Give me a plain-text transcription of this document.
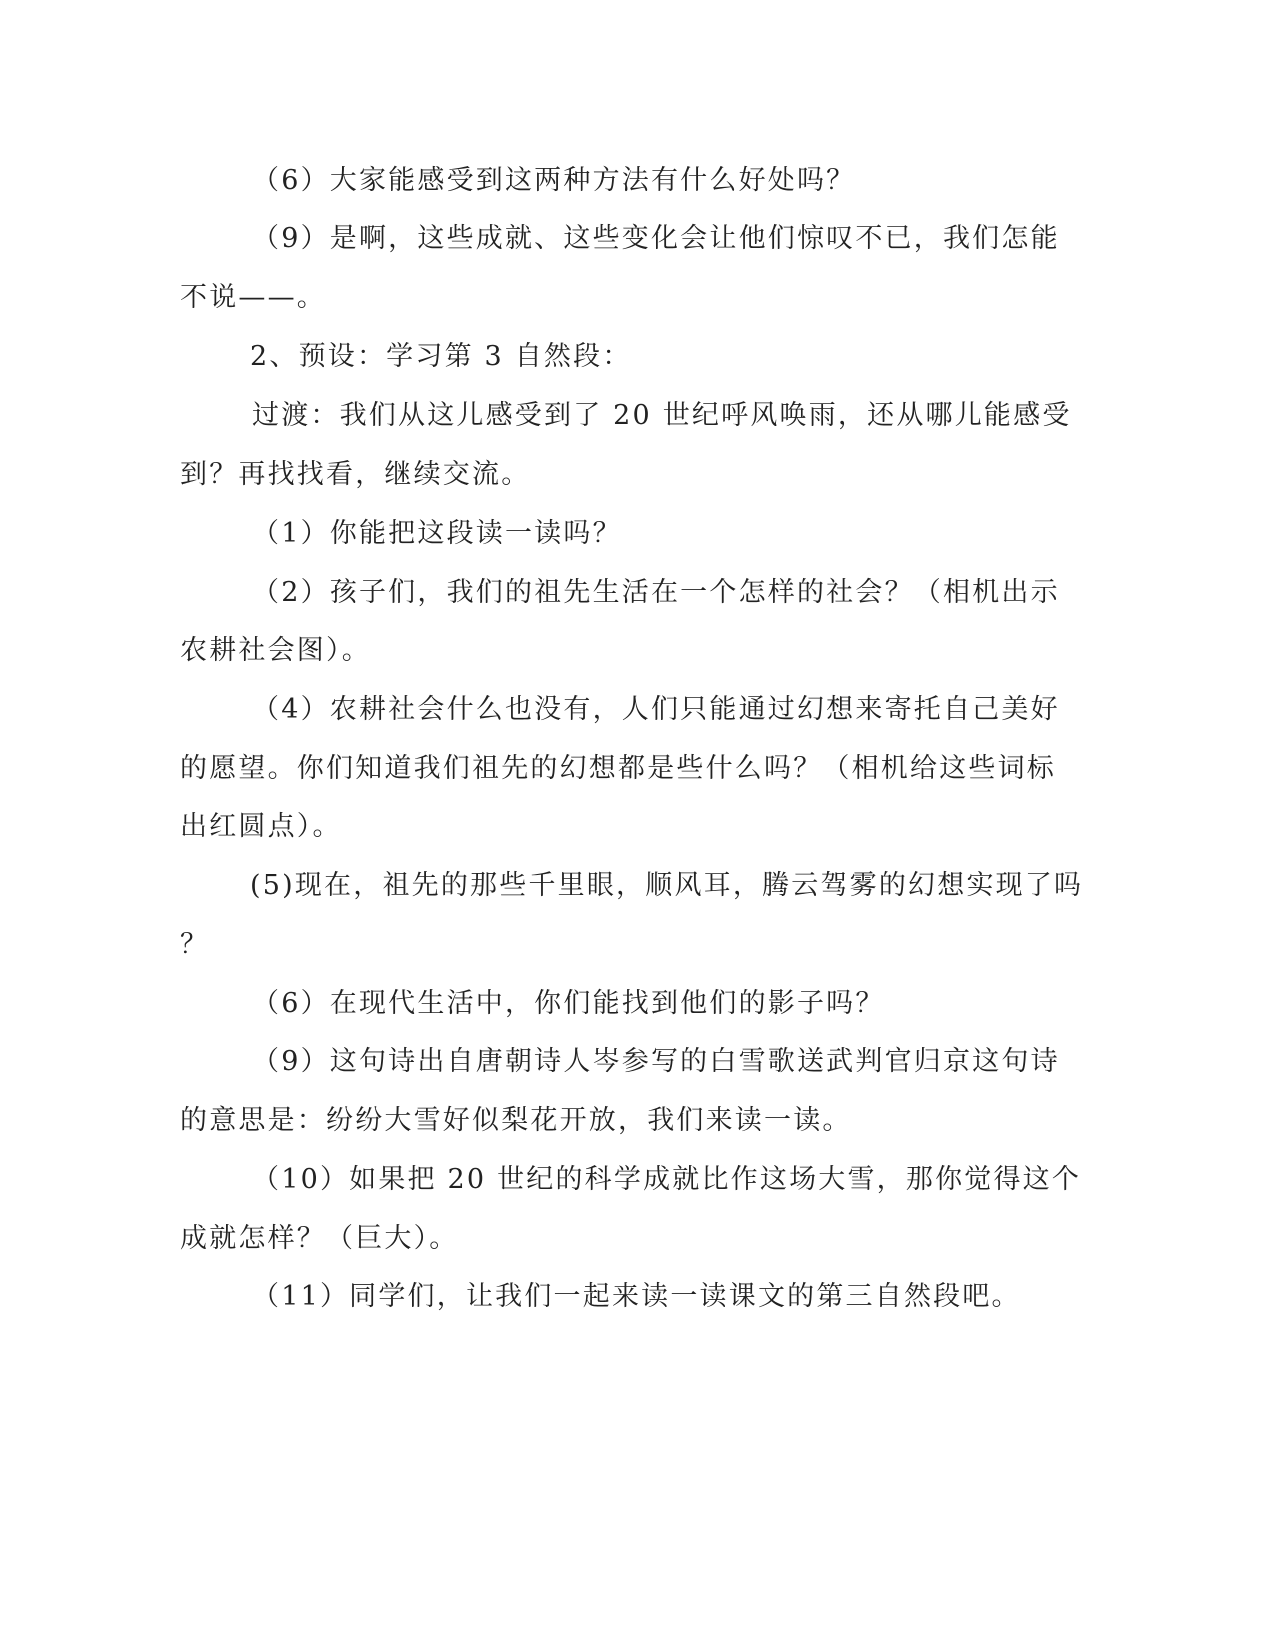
（6）大家能感受到这两种方法有什么好处吗？

（9）是啊，这些成就、这些变化会让他们惊叹不已，我们怎能

不说——。

2、预设：学习第 3 自然段：

过渡：我们从这儿感受到了 20 世纪呼风唤雨，还从哪儿能感受

到？再找找看，继续交流。

（1）你能把这段读一读吗？

（2）孩子们，我们的祖先生活在一个怎样的社会？（相机出示

农耕社会图）。

（4）农耕社会什么也没有，人们只能通过幻想来寄托自己美好

的愿望。你们知道我们祖先的幻想都是些什么吗？（相机给这些词标

出红圆点）。

(5)现在，祖先的那些千里眼，顺风耳，腾云驾雾的幻想实现了吗

？

（6）在现代生活中，你们能找到他们的影子吗？

（9）这句诗出自唐朝诗人岑参写的白雪歌送武判官归京这句诗

的意思是：纷纷大雪好似梨花开放，我们来读一读。

（10）如果把 20 世纪的科学成就比作这场大雪，那你觉得这个

成就怎样？（巨大）。

（11）同学们，让我们一起来读一读课文的第三自然段吧。
